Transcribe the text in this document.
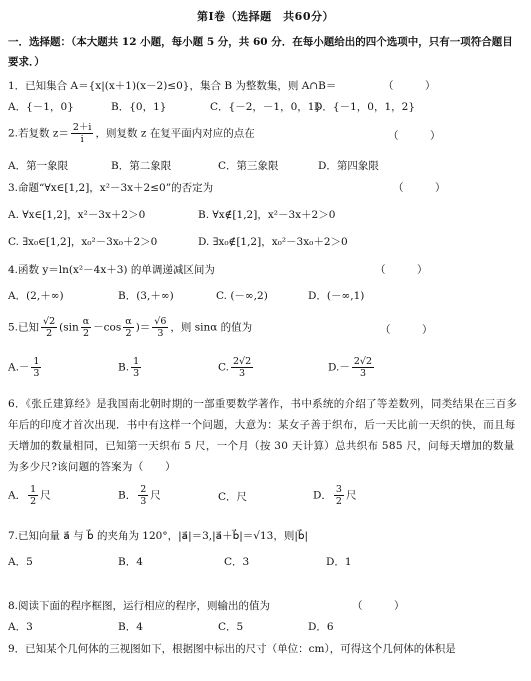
第Ⅰ卷（选择题　共60分）
一．选择题：（本大题共 12 小题，每小题 5 分，共 60 分．在每小题给出的四个选项中，只有一项符合题目要求．）
1．已知集合 A＝{x|(x＋1)(x－2)≤0}，集合 B 为整数集，则 A∩B＝	（　　　）
A．{－1，0}	B．{0，1}	C．{－2，－1，0，1}
D．{－1，0，1，2}
2.若复数 $z= \frac{2+i}{i}$ ，则复数 z 在复平面内对应的点在	（　　　）
A．第一象限	B．第二象限	C．第三象限	D．第四象限
3.命题“∀x∈[1,2]，x²－3x＋2≤0”的否定为	（　　　）
A. ∀x∈[1,2]，x²－3x＋2＞0	B. ∀x∉[1,2]，x²－3x＋2＞0
C. ∃x₀∈[1,2]，x₀²－3x₀＋2＞0	D. ∃x₀∉[1,2]，x₀²－3x₀＋2＞0
4.函数 y＝ln(x²－4x＋3) 的单调递减区间为	（　　　）
A．(2,＋∞)	B．(3,＋∞)	C. (－∞,2)	D．(－∞,1)
5.已知 $\frac{√2}{2} (\sin \frac{\alpha}{2} -\cos \frac{\alpha}{2}$ )＝ $\frac{√6}{3}$ ，则 sinα 的值为	（　　　）
$A.- \frac{1}{3}$	B. $\frac{1}{3}$	C. $\frac{2√2}{3}$	$D.- \frac{2√2}{3}$
6．《张丘建算经》是我国南北朝时期的一部重要数学著作，书中系统的介绍了等差数列，同类结果在三百多年后的印度才首次出现．书中有这样一个问题，大意为：某女子善于织布，后一天比前一天织的快，而且每天增加的数量相同，已知第一天织布 5 尺，一个月（按 30 天计算）总共织布 585 尺，问每天增加的数量为多少尺?该问题的答案为（　　）
A． $\frac{1}{2}$ 尺	B． $\frac{2}{3}$ 尺	C．尺	D． $\frac{3}{2}$ 尺
7.已知向量 a⃗ 与 b⃗ 的夹角为 120°，|a⃗|＝3,|a⃗＋b⃗|＝√13，则|b⃗|
A．5	B．4	C．3	D．1
8.阅读下面的程序框图，运行相应的程序，则输出的值为	（　　　）
A．3	B．4	C．5	D．6
9．已知某个几何体的三视图如下，根据图中标出的尺寸（单位：cm），可得这个几何体的体积是
